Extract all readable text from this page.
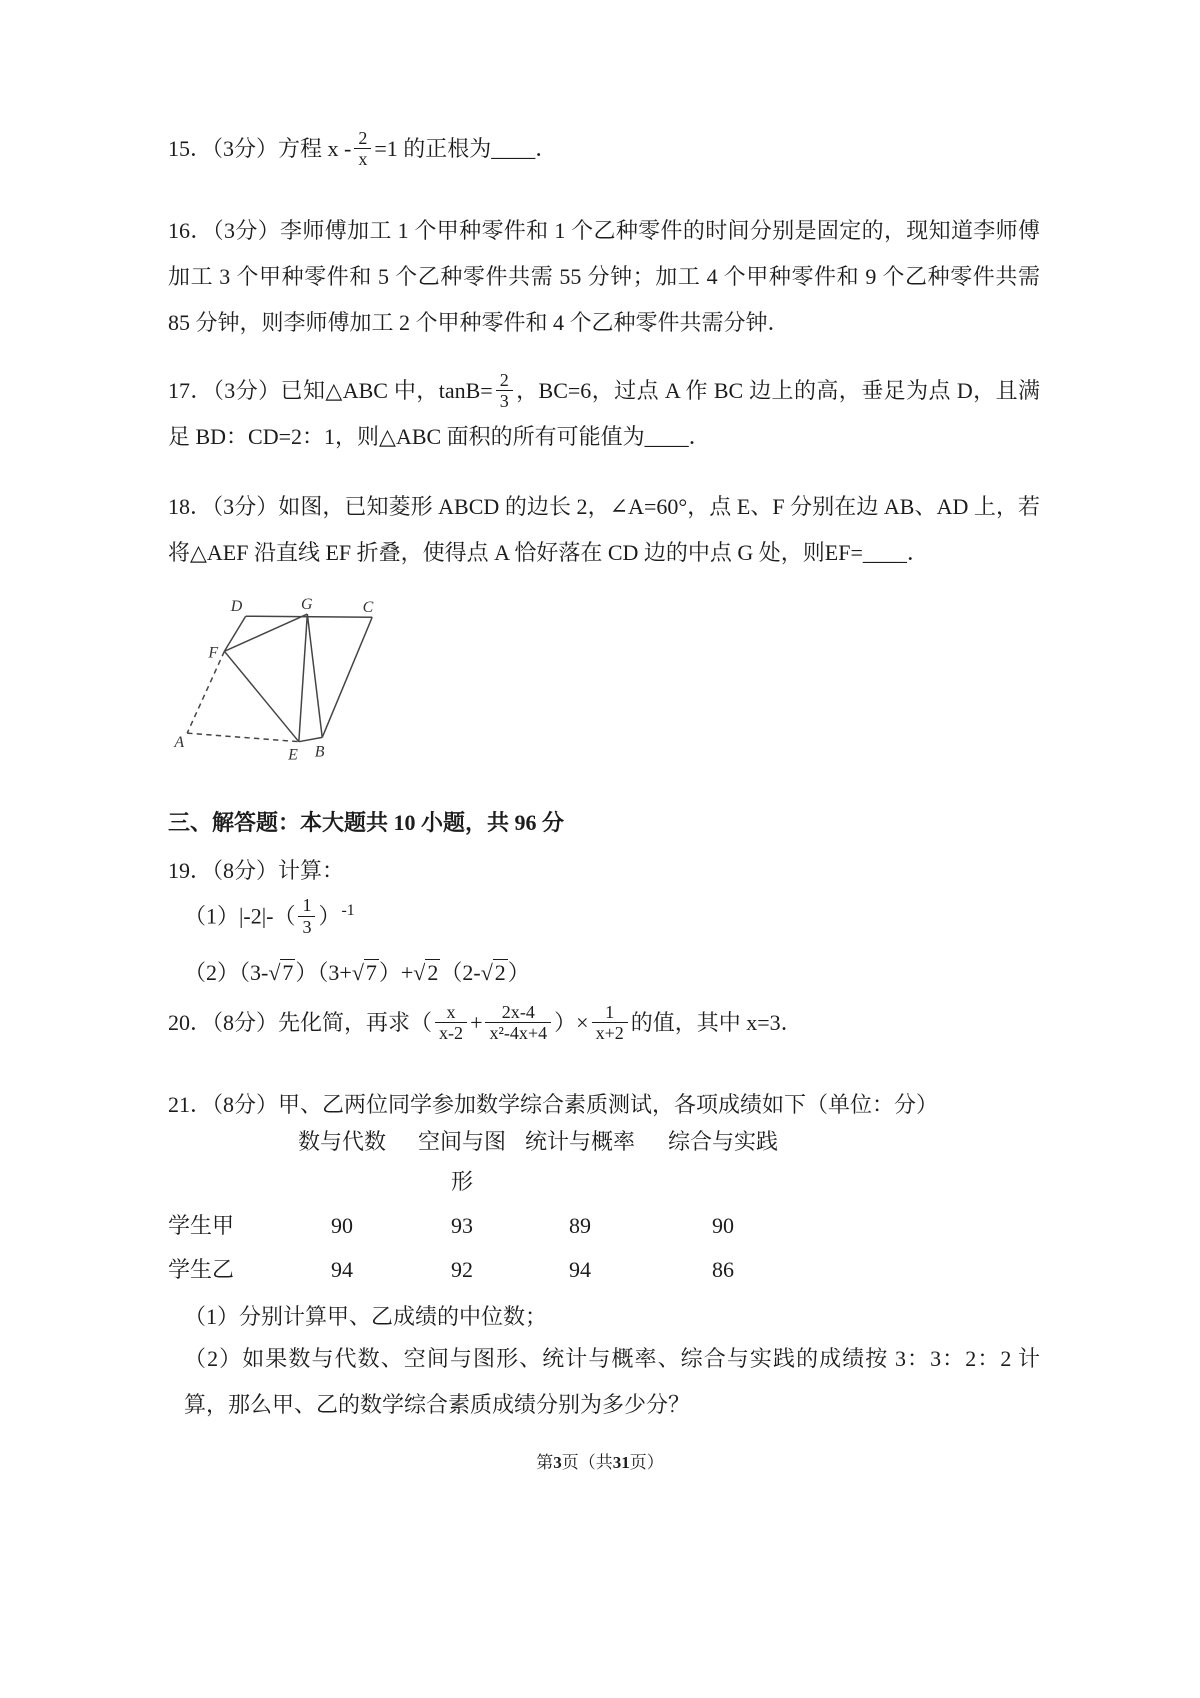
15．（3分）方程 $x - \frac{2}{x} =1$ 的正根为____．
16．（3分）李师傅加工 1 个甲种零件和 1 个乙种零件的时间分别是固定的，现知道李师傅加工 3 个甲种零件和 5 个乙种零件共需 55 分钟；加工 4 个甲种零件和 9 个乙种零件共需 85 分钟，则李师傅加工 2 个甲种零件和 4 个乙种零件共需分钟．
17．（3分）已知△ABC 中，$\tan B= \frac{2}{3}$ ，BC=6，过点 A 作 BC 边上的高，垂足为点 D，且满足 BD：CD=2：1，则△ABC 面积的所有可能值为____．
18．（3分）如图，已知菱形 ABCD 的边长 2，∠A=60°，点 E、F 分别在边 AB、AD 上，若将△AEF 沿直线 EF 折叠，使得点 A 恰好落在 CD 边的中点 G 处，则EF=____．
D	G	C
F
A
E B
三、解答题：本大题共 10 小题，共 96 分
19．（8分）计算：
$(1)|-2|-( \frac{1}{3} )^{-1}$
（2）（3-√7）（3+√7）+√2（2-√2）
20．（8分）先化简，再求（ $\frac{x}{x-2} + \frac{2x-4}{\text{x²-4x+4}}$ ）× $\frac{1}{x+2}$ 的值，其中 x=3．
21．（8分）甲、乙两位同学参加数学综合素质测试，各项成绩如下（单位：分）
	数与代数	空间与图形	统计与概率	综合与实践
学生甲	90	93	89	90
学生乙	94	92	94	86
（1）分别计算甲、乙成绩的中位数；
（2）如果数与代数、空间与图形、统计与概率、综合与实践的成绩按 3：3：2：2 计算，那么甲、乙的数学综合素质成绩分别为多少分？
第3页（共31页）
